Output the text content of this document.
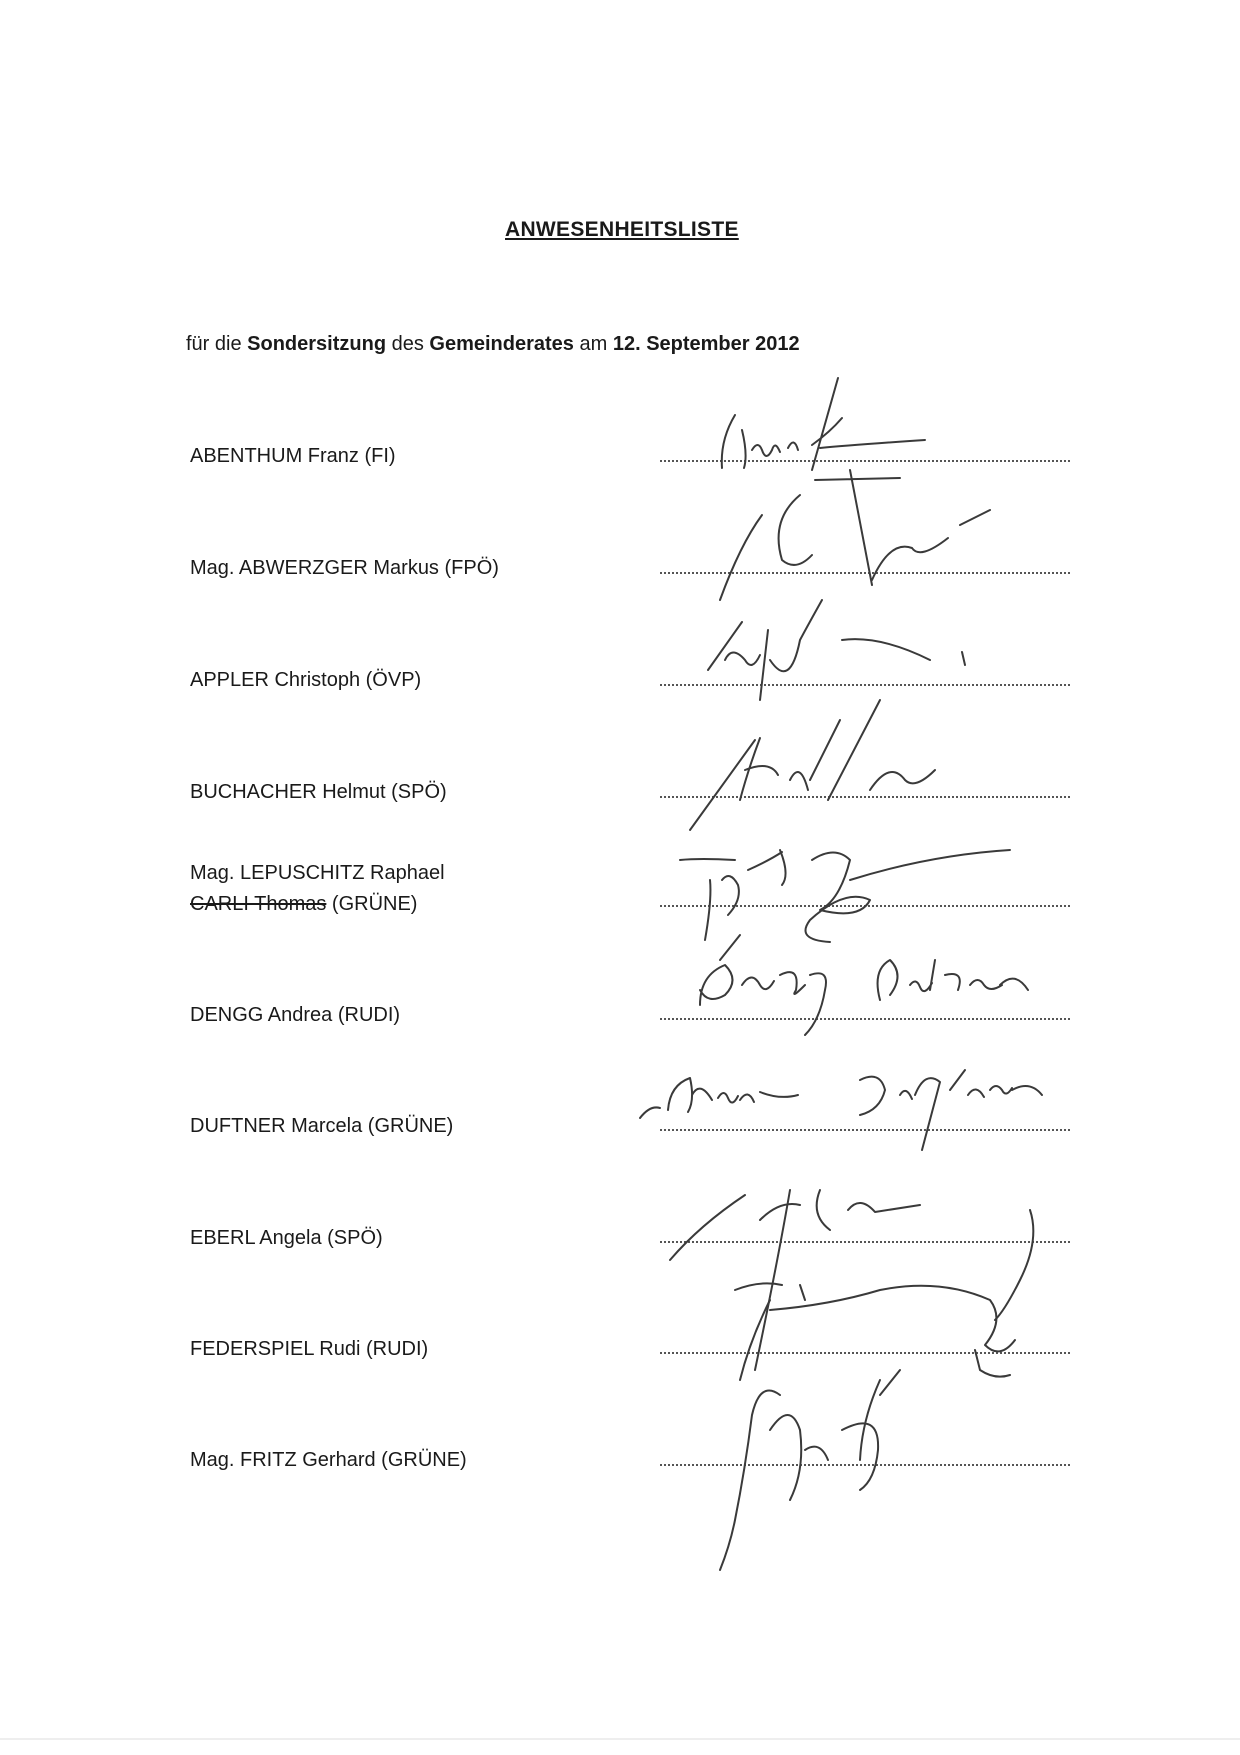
ANWESENHEITSLISTE
für die Sondersitzung des Gemeinderates am 12. September 2012
ABENTHUM Franz (FI)
Mag. ABWERZGER Markus (FPÖ)
APPLER Christoph (ÖVP)
BUCHACHER Helmut (SPÖ)
Mag. LEPUSCHITZ Raphael
CARLI Thomas (GRÜNE)
DENGG Andrea (RUDI)
DUFTNER Marcela (GRÜNE)
EBERL Angela (SPÖ)
FEDERSPIEL Rudi (RUDI)
Mag. FRITZ Gerhard (GRÜNE)
